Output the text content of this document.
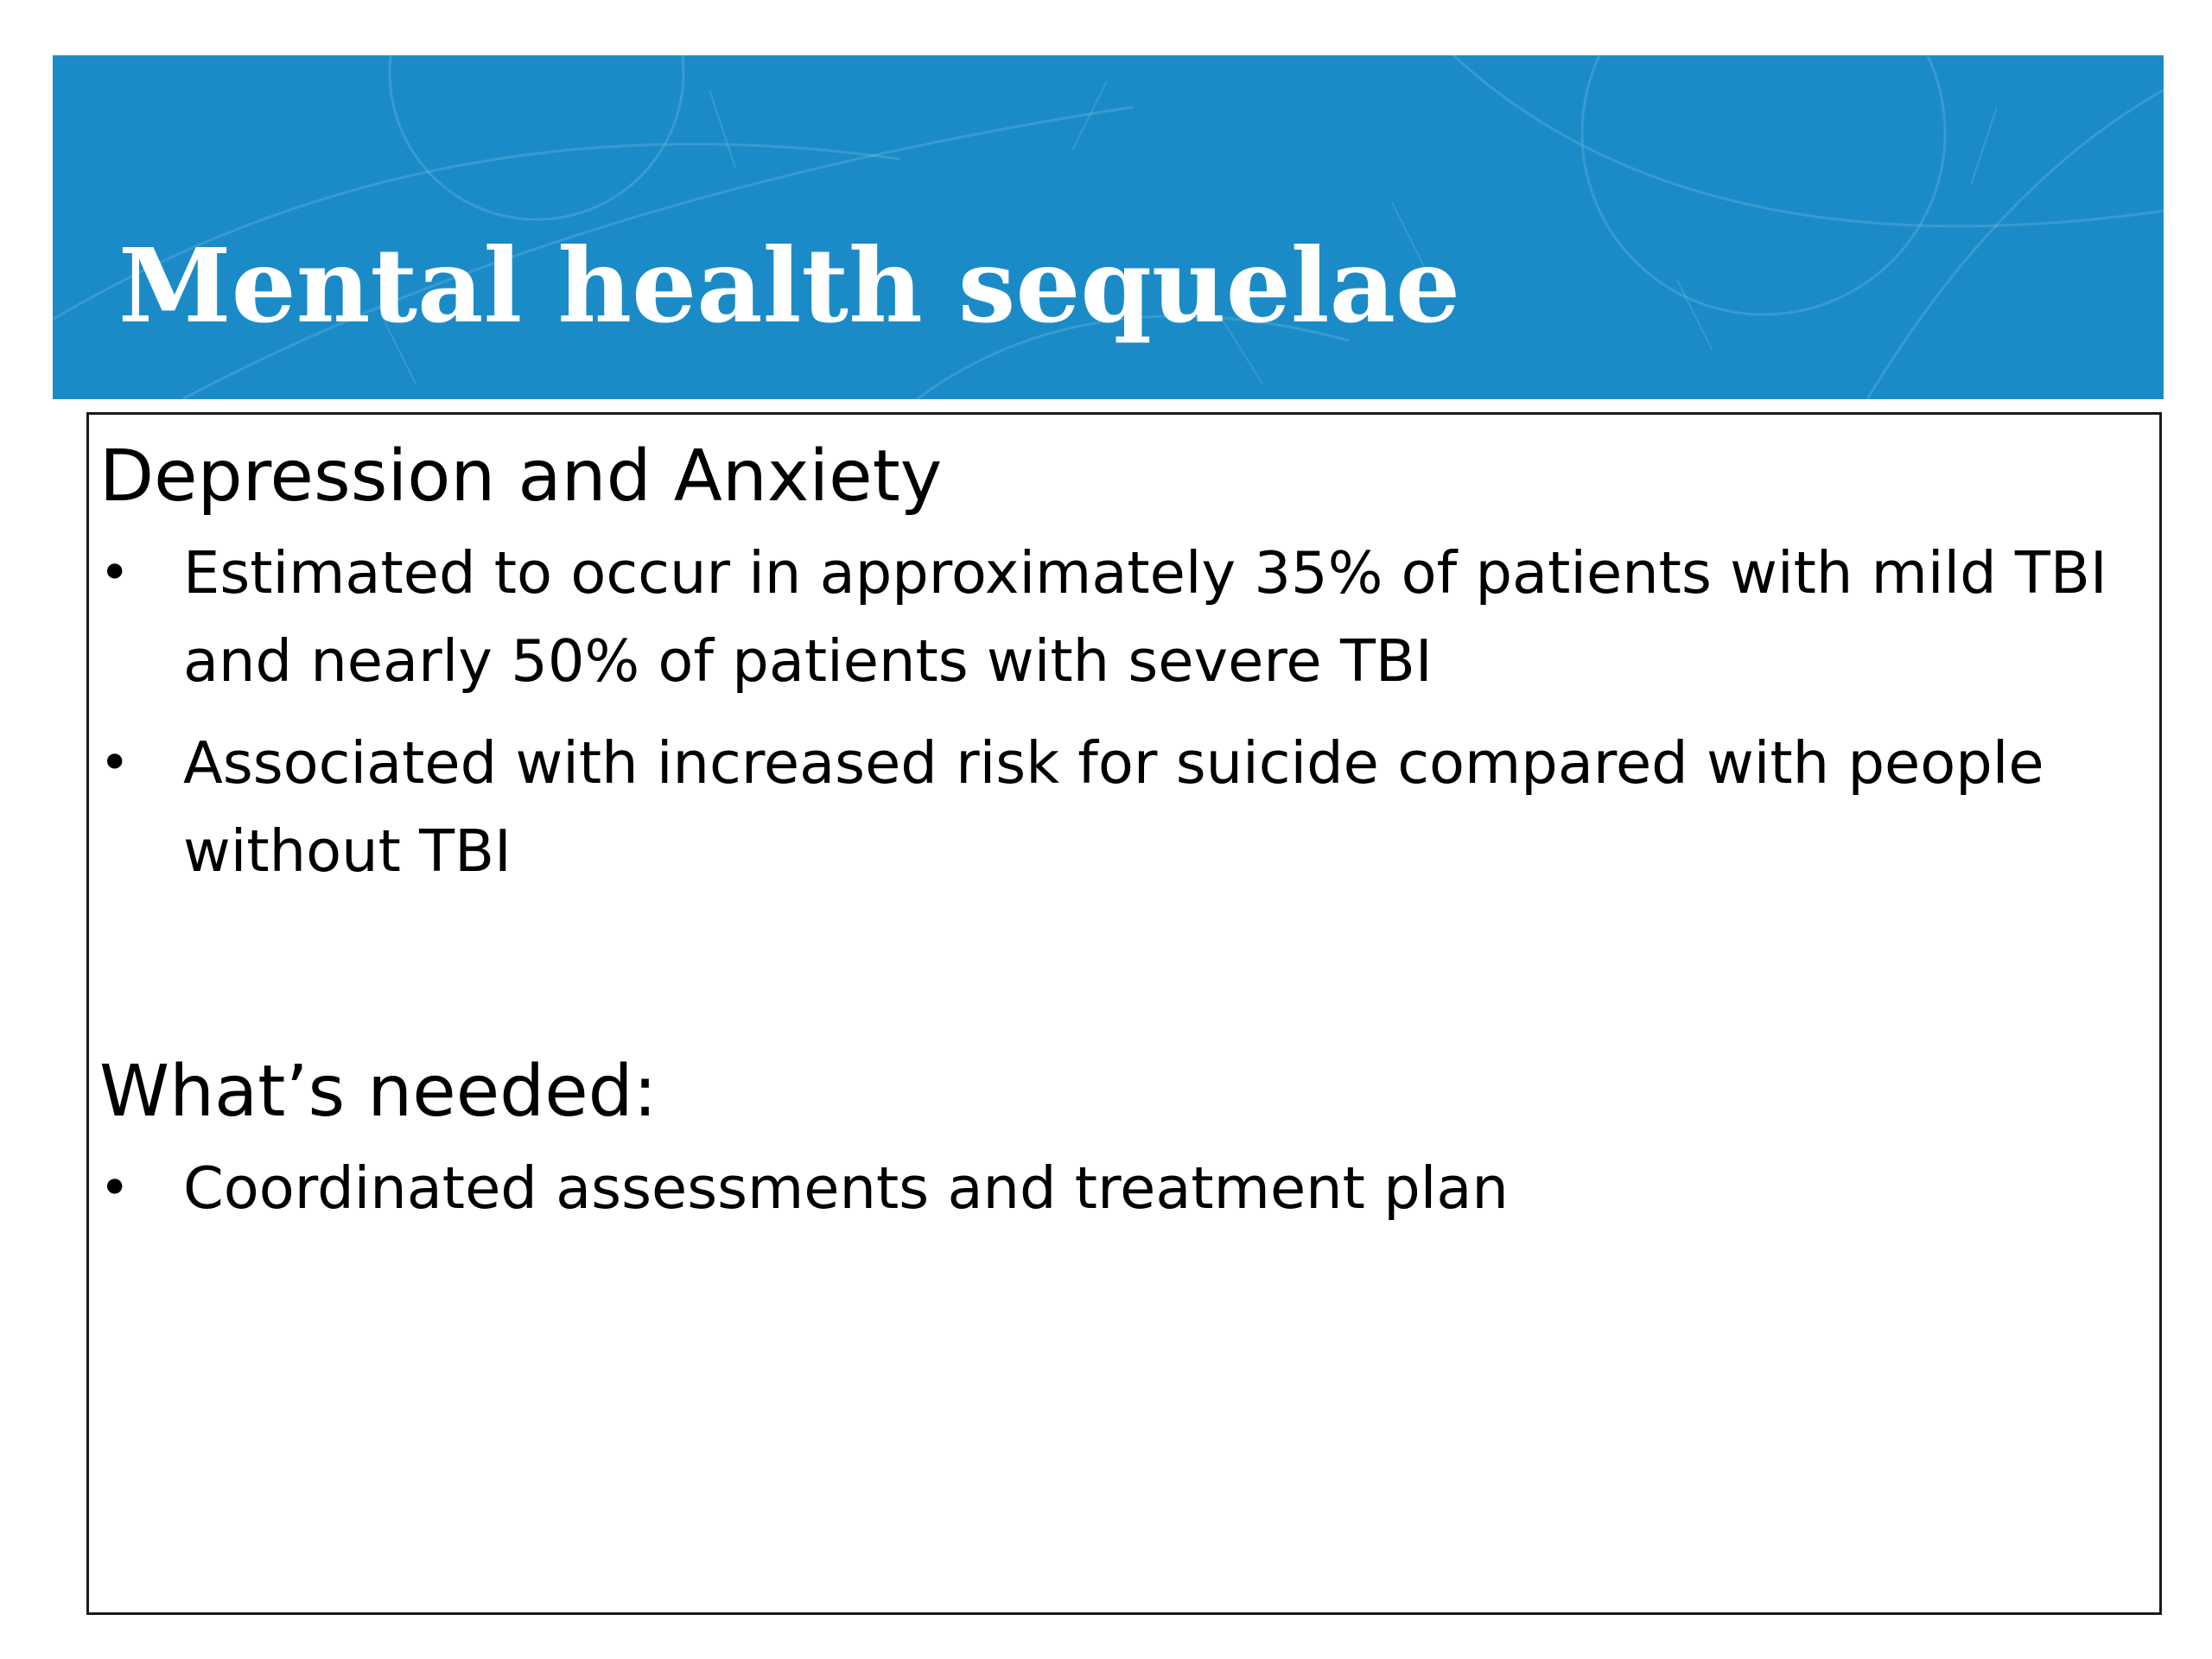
Mental health sequelae
Depression and Anxiety
• Estimated to occur in approximately 35% of patients with mild TBI and nearly 50% of patients with severe TBI
• Associated with increased risk for suicide compared with people without TBI
What’s needed:
• Coordinated assessments and treatment plan
